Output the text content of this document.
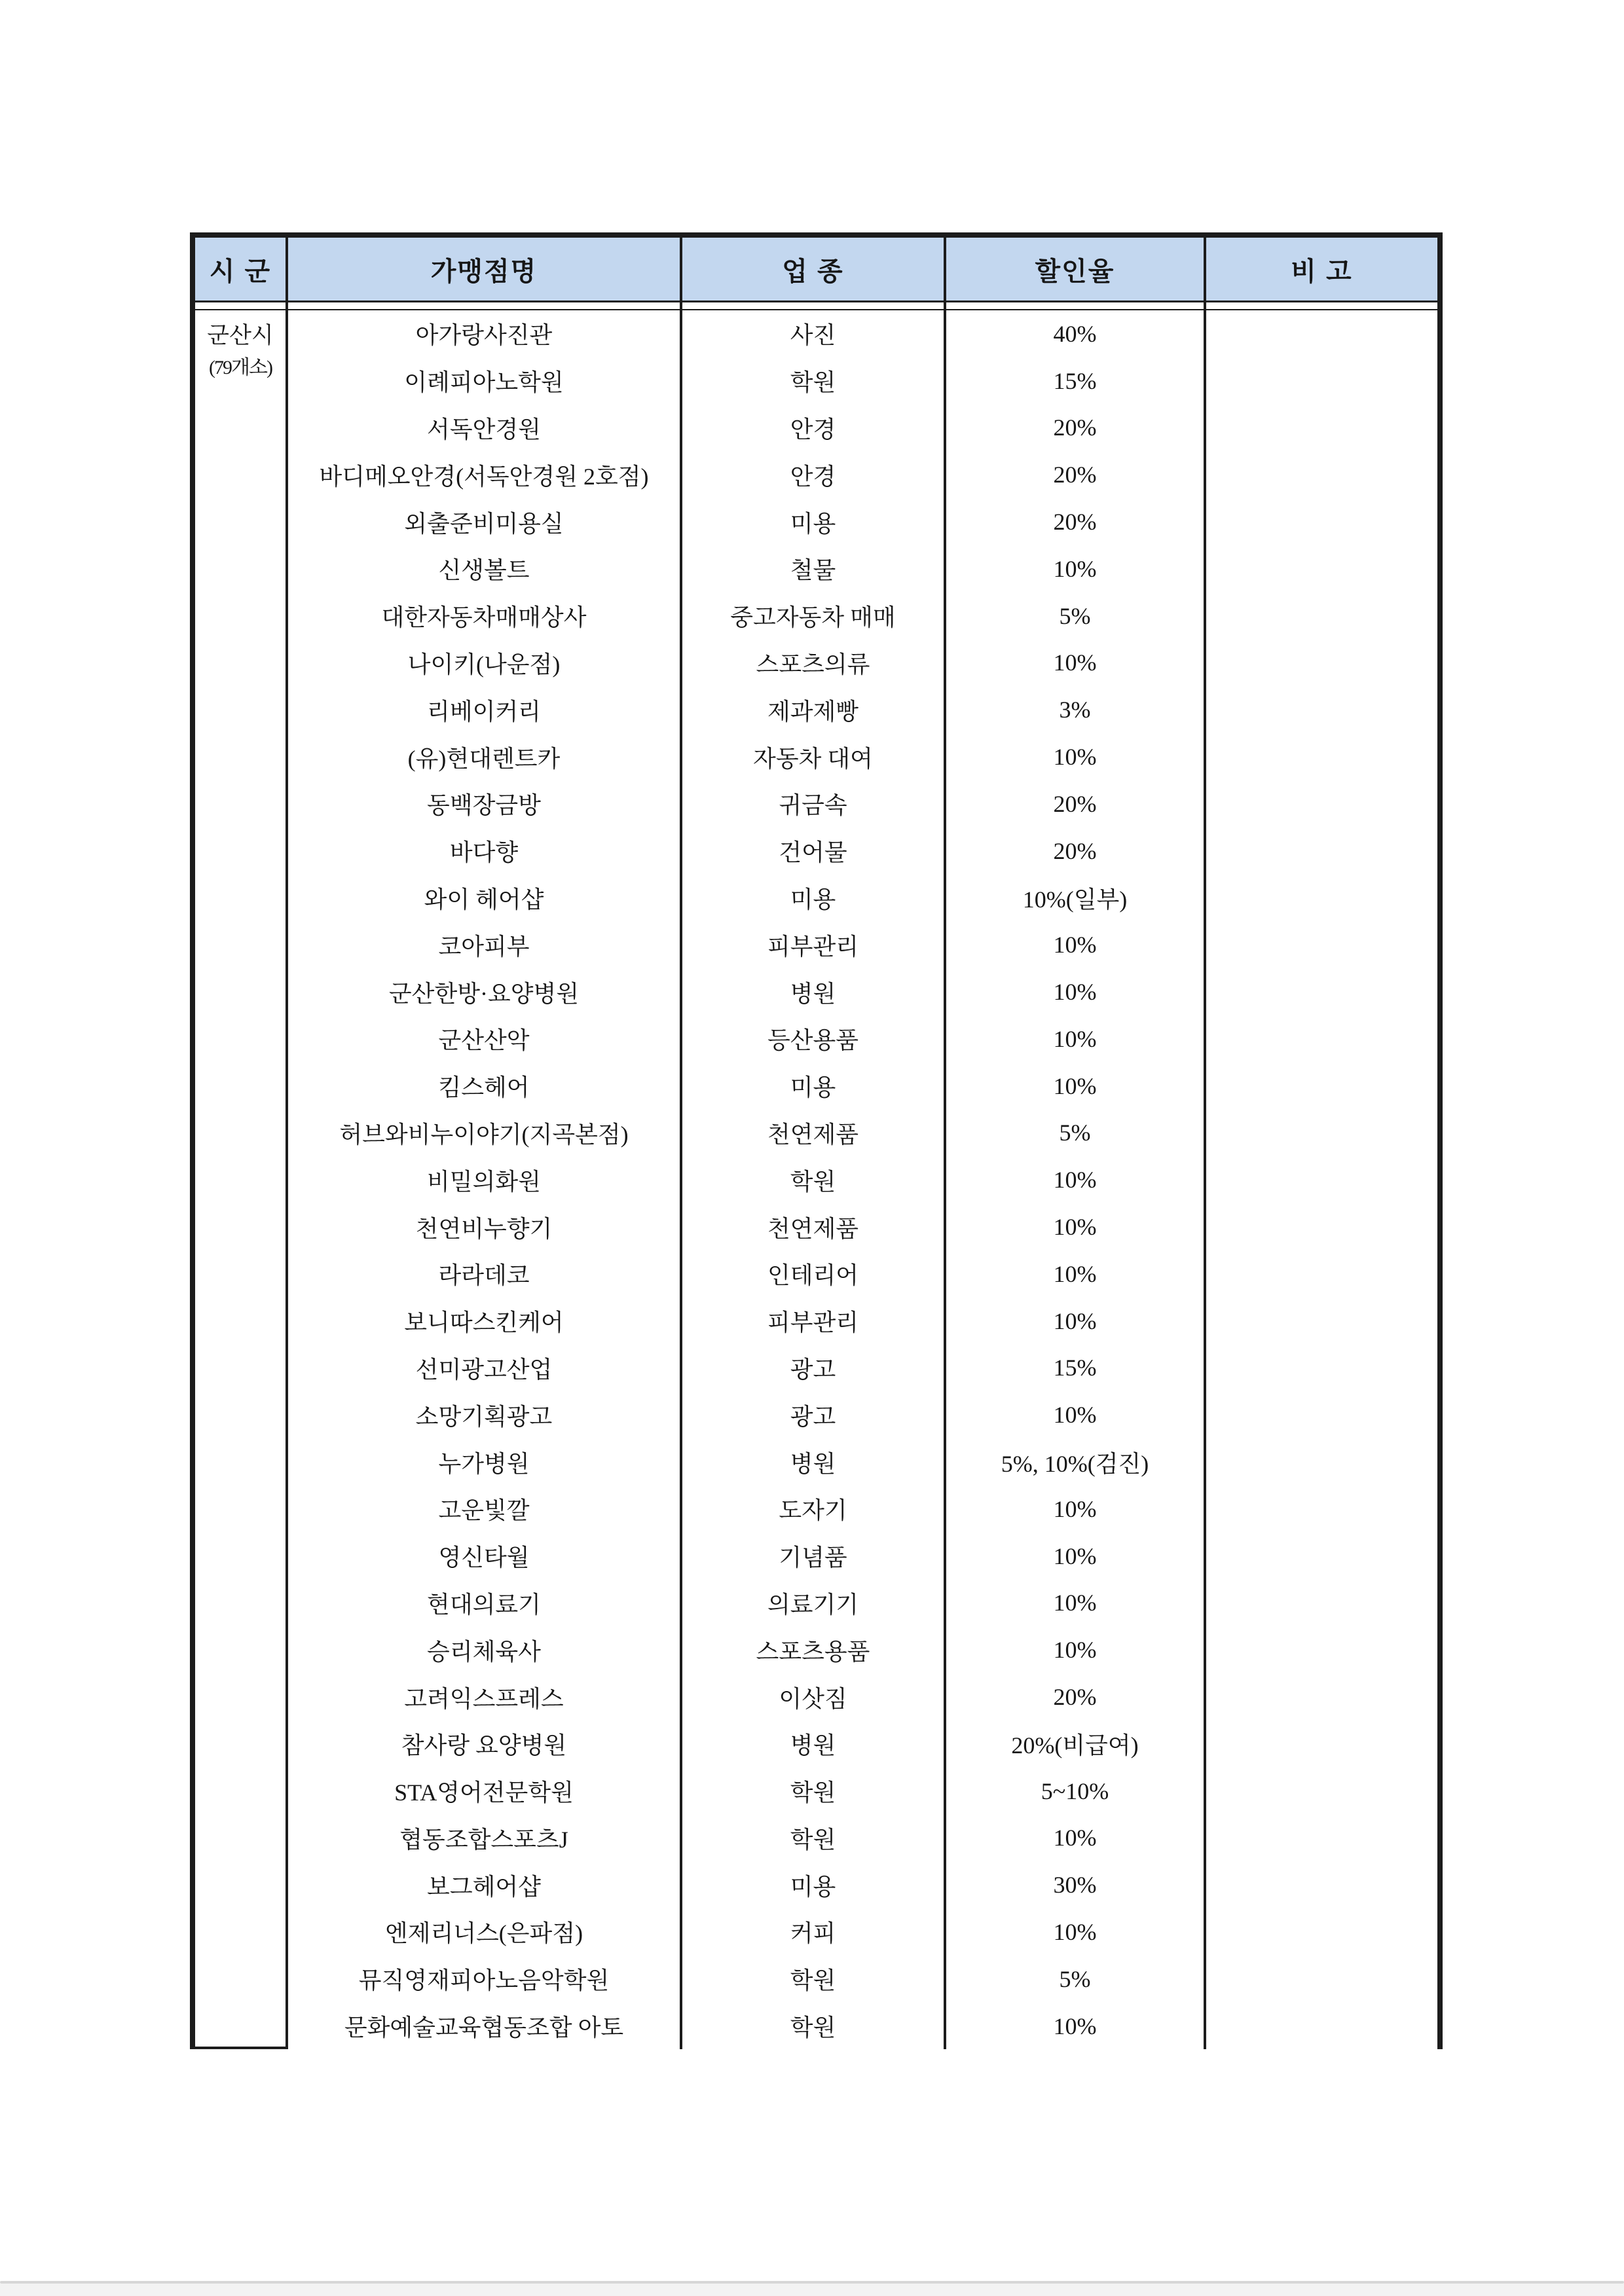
시 군	가맹점명	업 종	할인율	비 고
군산시
(79개소)
아가랑사진관	사진	40%
이례피아노학원	학원	15%
서독안경원	안경	20%
바디메오안경(서독안경원 2호점)	안경	20%
외출준비미용실	미용	20%
신생볼트	철물	10%
대한자동차매매상사	중고자동차 매매	5%
나이키(나운점)	스포츠의류	10%
리베이커리	제과제빵	3%
(유)현대렌트카	자동차 대여	10%
동백장금방	귀금속	20%
바다향	건어물	20%
와이 헤어샵	미용	10%(일부)
코아피부	피부관리	10%
군산한방·요양병원	병원	10%
군산산악	등산용품	10%
킴스헤어	미용	10%
허브와비누이야기(지곡본점)	천연제품	5%
비밀의화원	학원	10%
천연비누향기	천연제품	10%
라라데코	인테리어	10%
보니따스킨케어	피부관리	10%
선미광고산업	광고	15%
소망기획광고	광고	10%
누가병원	병원	5%, 10%(검진)
고운빛깔	도자기	10%
영신타월	기념품	10%
현대의료기	의료기기	10%
승리체육사	스포츠용품	10%
고려익스프레스	이삿짐	20%
참사랑 요양병원	병원	20%(비급여)
STA영어전문학원	학원	5~10%
협동조합스포츠J	학원	10%
보그헤어샵	미용	30%
엔제리너스(은파점)	커피	10%
뮤직영재피아노음악학원	학원	5%
문화예술교육협동조합 아토	학원	10%
